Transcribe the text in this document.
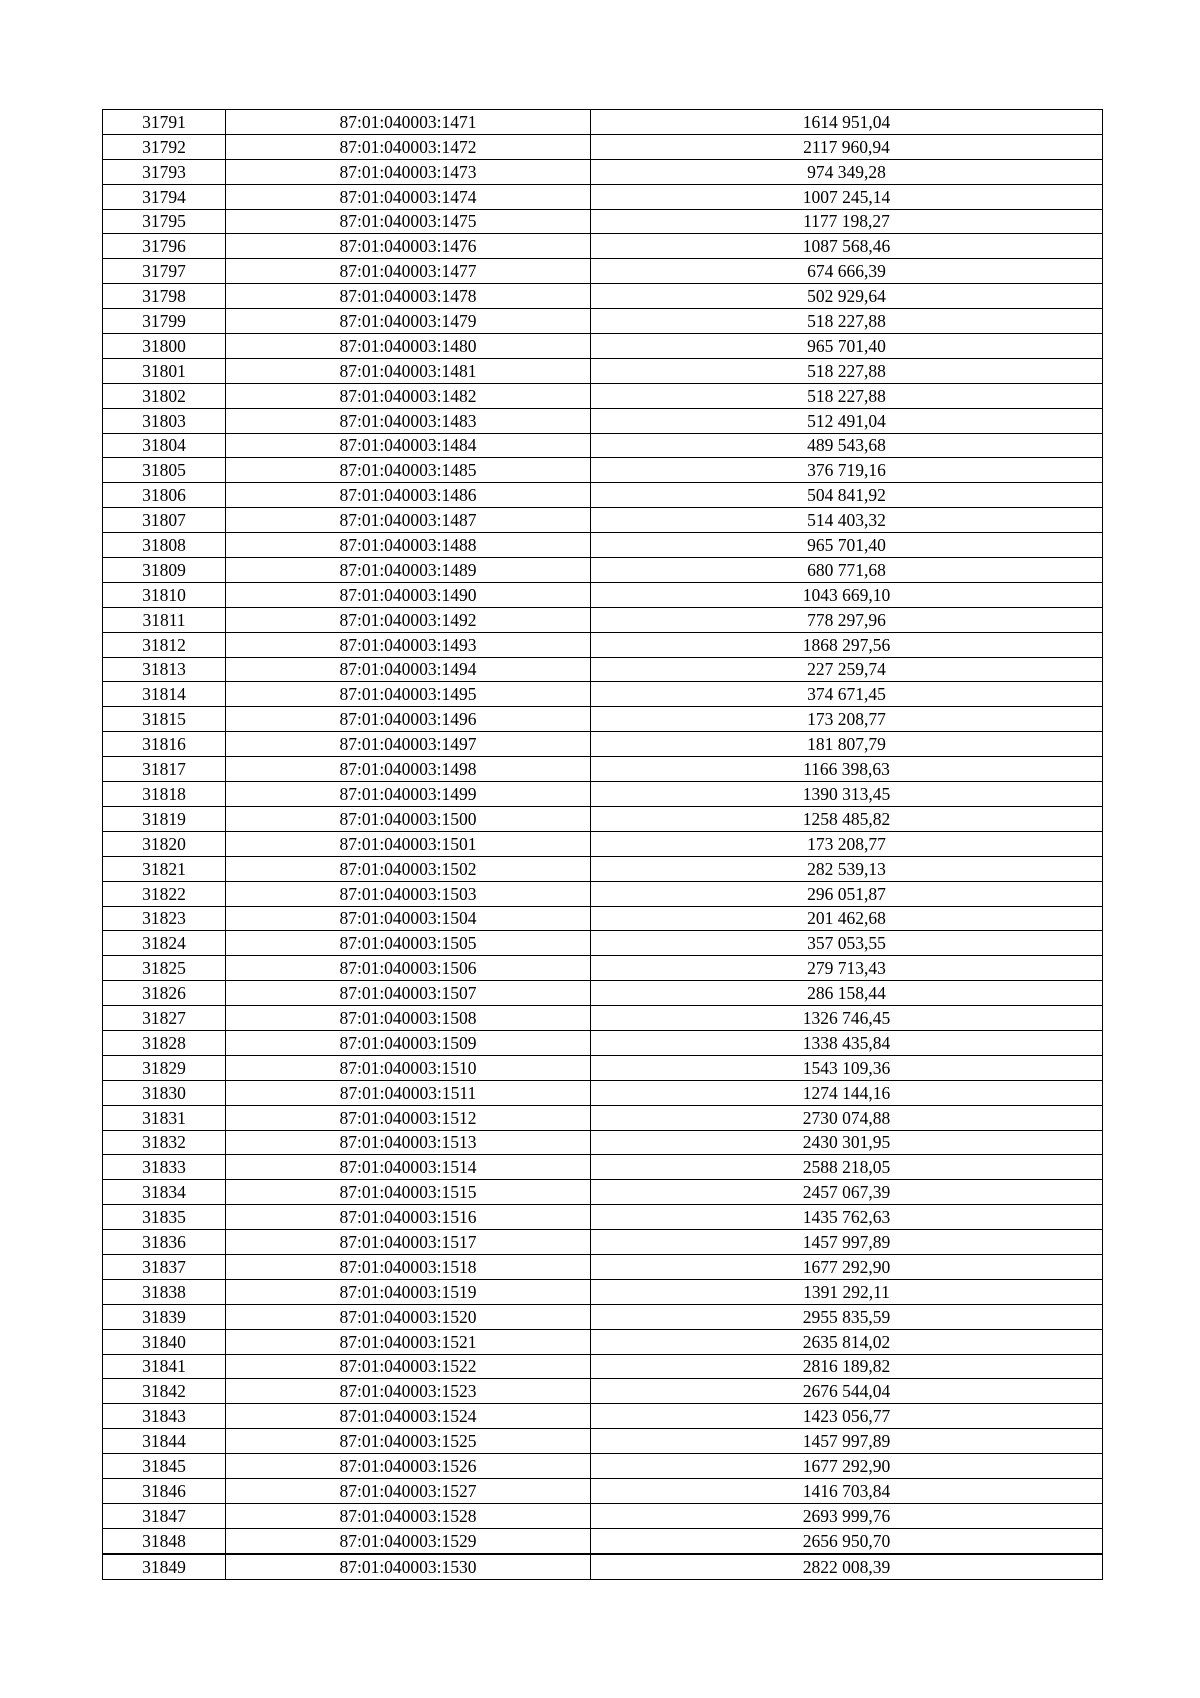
31791	87:01:040003:1471	1614 951,04
31792	87:01:040003:1472	2117 960,94
31793	87:01:040003:1473	974 349,28
31794	87:01:040003:1474	1007 245,14
31795	87:01:040003:1475	1177 198,27
31796	87:01:040003:1476	1087 568,46
31797	87:01:040003:1477	674 666,39
31798	87:01:040003:1478	502 929,64
31799	87:01:040003:1479	518 227,88
31800	87:01:040003:1480	965 701,40
31801	87:01:040003:1481	518 227,88
31802	87:01:040003:1482	518 227,88
31803	87:01:040003:1483	512 491,04
31804	87:01:040003:1484	489 543,68
31805	87:01:040003:1485	376 719,16
31806	87:01:040003:1486	504 841,92
31807	87:01:040003:1487	514 403,32
31808	87:01:040003:1488	965 701,40
31809	87:01:040003:1489	680 771,68
31810	87:01:040003:1490	1043 669,10
31811	87:01:040003:1492	778 297,96
31812	87:01:040003:1493	1868 297,56
31813	87:01:040003:1494	227 259,74
31814	87:01:040003:1495	374 671,45
31815	87:01:040003:1496	173 208,77
31816	87:01:040003:1497	181 807,79
31817	87:01:040003:1498	1166 398,63
31818	87:01:040003:1499	1390 313,45
31819	87:01:040003:1500	1258 485,82
31820	87:01:040003:1501	173 208,77
31821	87:01:040003:1502	282 539,13
31822	87:01:040003:1503	296 051,87
31823	87:01:040003:1504	201 462,68
31824	87:01:040003:1505	357 053,55
31825	87:01:040003:1506	279 713,43
31826	87:01:040003:1507	286 158,44
31827	87:01:040003:1508	1326 746,45
31828	87:01:040003:1509	1338 435,84
31829	87:01:040003:1510	1543 109,36
31830	87:01:040003:1511	1274 144,16
31831	87:01:040003:1512	2730 074,88
31832	87:01:040003:1513	2430 301,95
31833	87:01:040003:1514	2588 218,05
31834	87:01:040003:1515	2457 067,39
31835	87:01:040003:1516	1435 762,63
31836	87:01:040003:1517	1457 997,89
31837	87:01:040003:1518	1677 292,90
31838	87:01:040003:1519	1391 292,11
31839	87:01:040003:1520	2955 835,59
31840	87:01:040003:1521	2635 814,02
31841	87:01:040003:1522	2816 189,82
31842	87:01:040003:1523	2676 544,04
31843	87:01:040003:1524	1423 056,77
31844	87:01:040003:1525	1457 997,89
31845	87:01:040003:1526	1677 292,90
31846	87:01:040003:1527	1416 703,84
31847	87:01:040003:1528	2693 999,76
31848	87:01:040003:1529	2656 950,70
31849	87:01:040003:1530	2822 008,39
